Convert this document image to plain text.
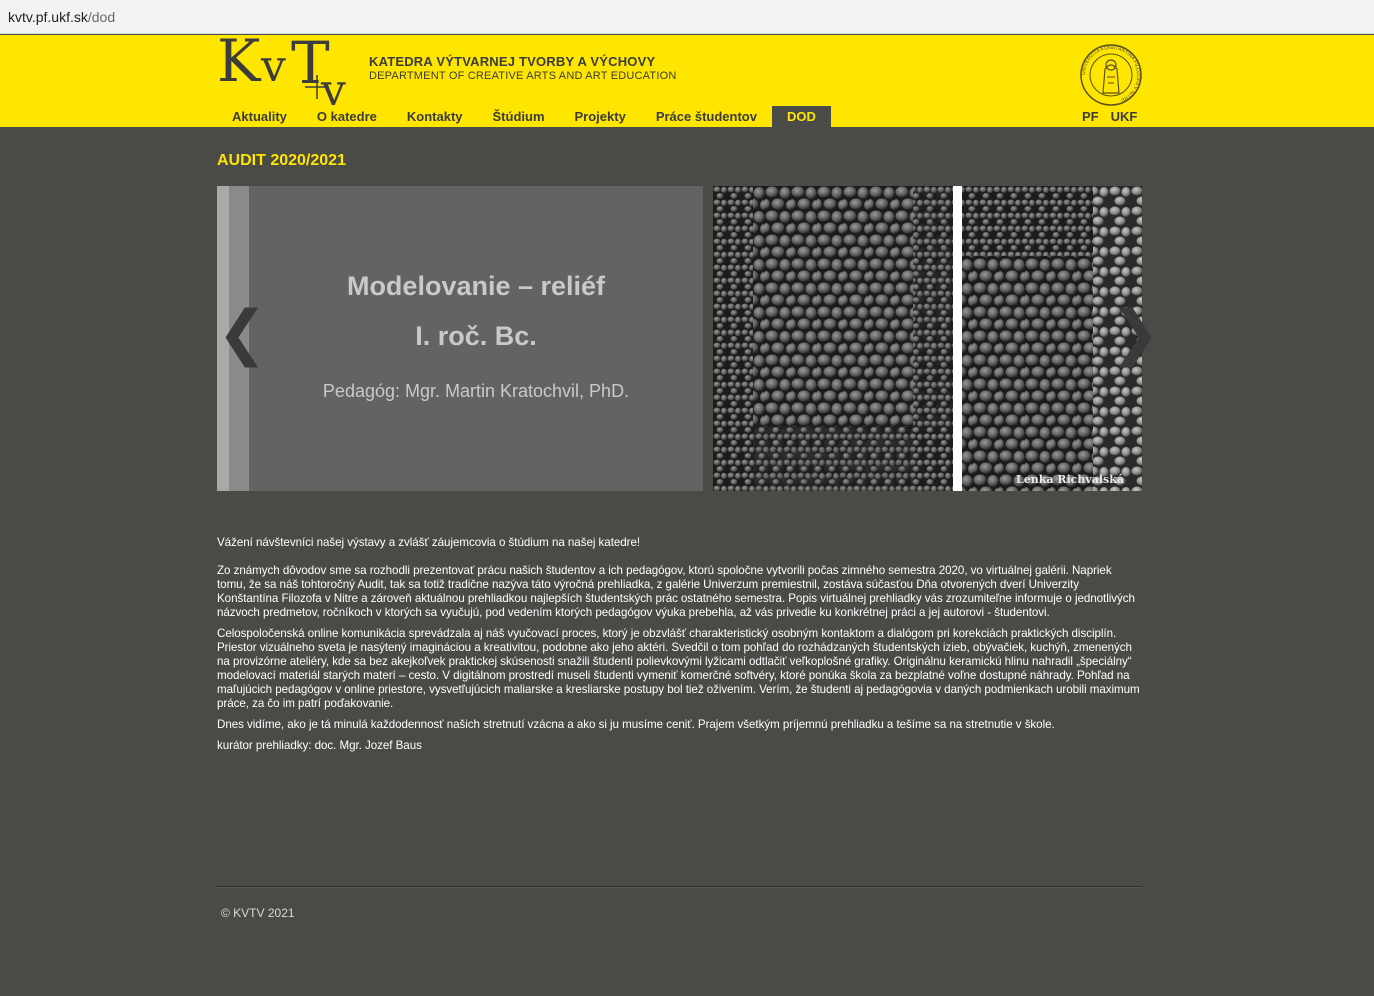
kvtv.pf.ukf.sk/dod
K v T
v
KATEDRA VÝTVARNEJ TVORBY A VÝCHOVY
DEPARTMENT OF CREATIVE ARTS AND ART EDUCATION	UNIVERZITA KONŠTANTÍNA FILOZOFA V NITRE
Aktuality	O katedre	Kontakty	Štúdium	Projekty	Práce študentov	DOD	PF UKF
AUDIT 2020/2021
Modelovanie – reliéf
I. roč. Bc.
Pedagóg: Mgr. Martin Kratochvil, PhD.
Lenka Richvalská
❮	❯

Vážení návštevníci našej výstavy a zvlášť záujemcovia o štúdium na našej katedre!

Zo známych dôvodov sme sa rozhodli prezentovať prácu našich študentov a ich pedagógov, ktorú spoločne vytvorili počas zimného semestra 2020, vo virtuálnej galérii. Napriek tomu, že sa náš tohtoročný Audit, tak sa totiž tradične nazýva táto výročná prehliadka, z galérie Univerzum premiestnil, zostáva súčasťou Dňa otvorených dverí Univerzity Konštantína Filozofa v Nitre a zároveň aktuálnou prehliadkou najlepších študentských prác ostatného semestra. Popis virtuálnej prehliadky vás zrozumiteľne informuje o jednotlivých názvoch predmetov, ročníkoch v ktorých sa vyučujú, pod vedením ktorých pedagógov výuka prebehla, až vás privedie ku konkrétnej práci a jej autorovi - študentovi.

Celospoločenská online komunikácia sprevádzala aj náš vyučovací proces, ktorý je obzvlášť charakteristický osobným kontaktom a dialógom pri korekciách praktických disciplín. Priestor vizuálneho sveta je nasýtený imagináciou a kreativitou, podobne ako jeho aktéri. Svedčil o tom pohľad do rozhádzaných študentských izieb, obývačiek, kuchýň, zmenených na provizórne ateliéry, kde sa bez akejkoľvek praktickej skúsenosti snažili študenti polievkovými lyžicami odtlačiť veľkoplošné grafiky. Originálnu keramickú hlinu nahradil „špeciálny“ modelovací materiál starých materí – cesto. V digitálnom prostredí museli študenti vymeniť komerčné softvéry, ktoré ponúka škola za bezplatné voľne dostupné náhrady. Pohľad na maľujúcich pedagógov v online priestore, vysvetľujúcich maliarske a kresliarske postupy bol tiež oživením. Verím, že študenti aj pedagógovia v daných podmienkach urobili maximum práce, za čo im patrí poďakovanie.

Dnes vidíme, ako je tá minulá každodennosť našich stretnutí vzácna a ako si ju musíme ceniť. Prajem všetkým príjemnú prehliadku a tešíme sa na stretnutie v škole.

kurátor prehliadky: doc. Mgr. Jozef Baus

© KVTV 2021
